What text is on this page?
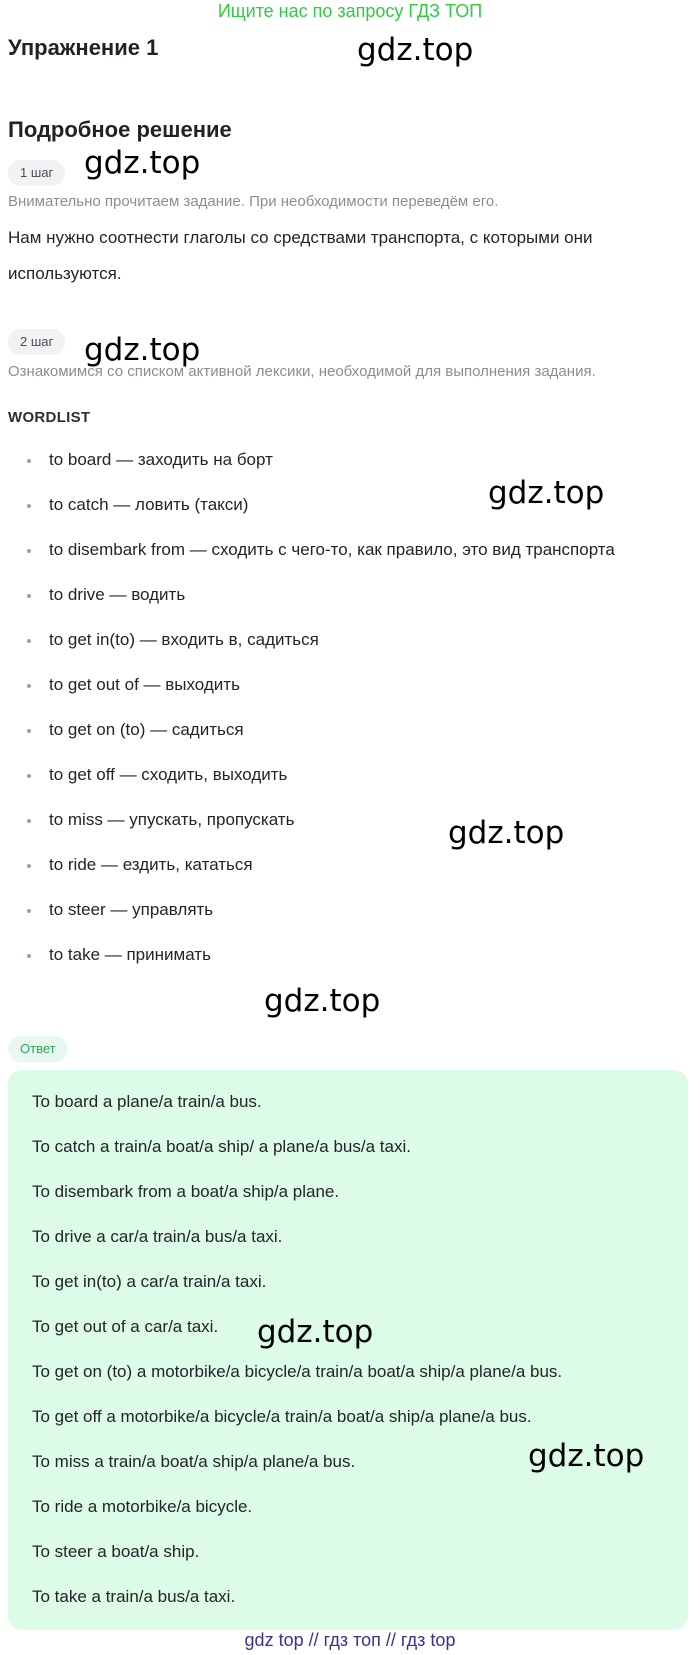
Ищите нас по запросу ГДЗ ТОП
Упражнение 1
Подробное решение
1 шаг
Внимательно прочитаем задание. При необходимости переведём его.
Нам нужно соотнести глаголы со средствами транспорта, с которыми они используются.
2 шаг
Ознакомимся со списком активной лексики, необходимой для выполнения задания.
WORDLIST
to board — заходить на борт
to catch — ловить (такси)
to disembark from — сходить с чего-то, как правило, это вид транспорта
to drive — водить
to get in(to) — входить в, садиться
to get out of — выходить
to get on (to) — садиться
to get off — сходить, выходить
to miss — упускать, пропускать
to ride — ездить, кататься
to steer — управлять
to take — принимать
Ответ
To board a plane/a train/a bus.
To catch a train/a boat/a ship/ a plane/a bus/a taxi.
To disembark from a boat/a ship/a plane.
To drive a car/a train/a bus/a taxi.
To get in(to) a car/a train/a taxi.
To get out of a car/a taxi.
To get on (to) a motorbike/a bicycle/a train/a boat/a ship/a plane/a bus.
To get off a motorbike/a bicycle/a train/a boat/a ship/a plane/a bus.
To miss a train/a boat/a ship/a plane/a bus.
To ride a motorbike/a bicycle.
To steer a boat/a ship.
To take a train/a bus/a taxi.
gdz.top
gdz.top
gdz.top
gdz.top
gdz.top
gdz.top
gdz.top
gdz.top
gdz top // гдз топ // гдз top
